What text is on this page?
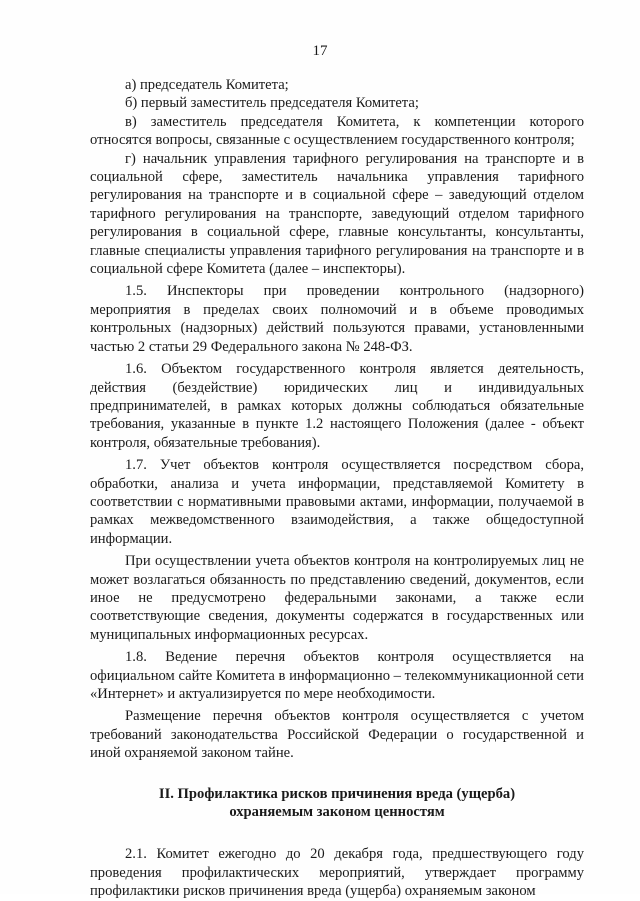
17

а) председатель Комитета;

б) первый заместитель председателя Комитета;

в) заместитель председателя Комитета, к компетенции которого относятся вопросы, связанные с осуществлением государственного контроля;

г) начальник управления тарифного регулирования на транспорте и в социальной сфере, заместитель начальника управления тарифного регулирования на транспорте и в социальной сфере – заведующий отделом тарифного регулирования на транспорте, заведующий отделом тарифного регулирования в социальной сфере, главные консультанты, консультанты, главные специалисты управления тарифного регулирования на транспорте и в социальной сфере Комитета (далее – инспекторы).

1.5. Инспекторы при проведении контрольного (надзорного) мероприятия в пределах своих полномочий и в объеме проводимых контрольных (надзорных) действий пользуются правами, установленными частью 2 статьи 29 Федерального закона № 248-ФЗ.

1.6. Объектом государственного контроля является деятельность, действия (бездействие) юридических лиц и индивидуальных предпринимателей, в рамках которых должны соблюдаться обязательные требования, указанные в пункте 1.2 настоящего Положения (далее - объект контроля, обязательные требования).

1.7. Учет объектов контроля осуществляется посредством сбора, обработки, анализа и учета информации, представляемой Комитету в соответствии с нормативными правовыми актами, информации, получаемой в рамках межведомственного взаимодействия, а также общедоступной информации.

При осуществлении учета объектов контроля на контролируемых лиц не может возлагаться обязанность по представлению сведений, документов, если иное не предусмотрено федеральными законами, а также если соответствующие сведения, документы содержатся в государственных или муниципальных информационных ресурсах.

1.8. Ведение перечня объектов контроля осуществляется на официальном сайте Комитета в информационно – телекоммуникационной сети «Интернет» и актуализируется по мере необходимости.

Размещение перечня объектов контроля осуществляется с учетом требований законодательства Российской Федерации о государственной и иной охраняемой законом тайне.

II. Профилактика рисков причинения вреда (ущерба)
охраняемым законом ценностям

2.1. Комитет ежегодно до 20 декабря года, предшествующего году проведения профилактических мероприятий, утверждает программу профилактики рисков причинения вреда (ущерба) охраняемым законом
